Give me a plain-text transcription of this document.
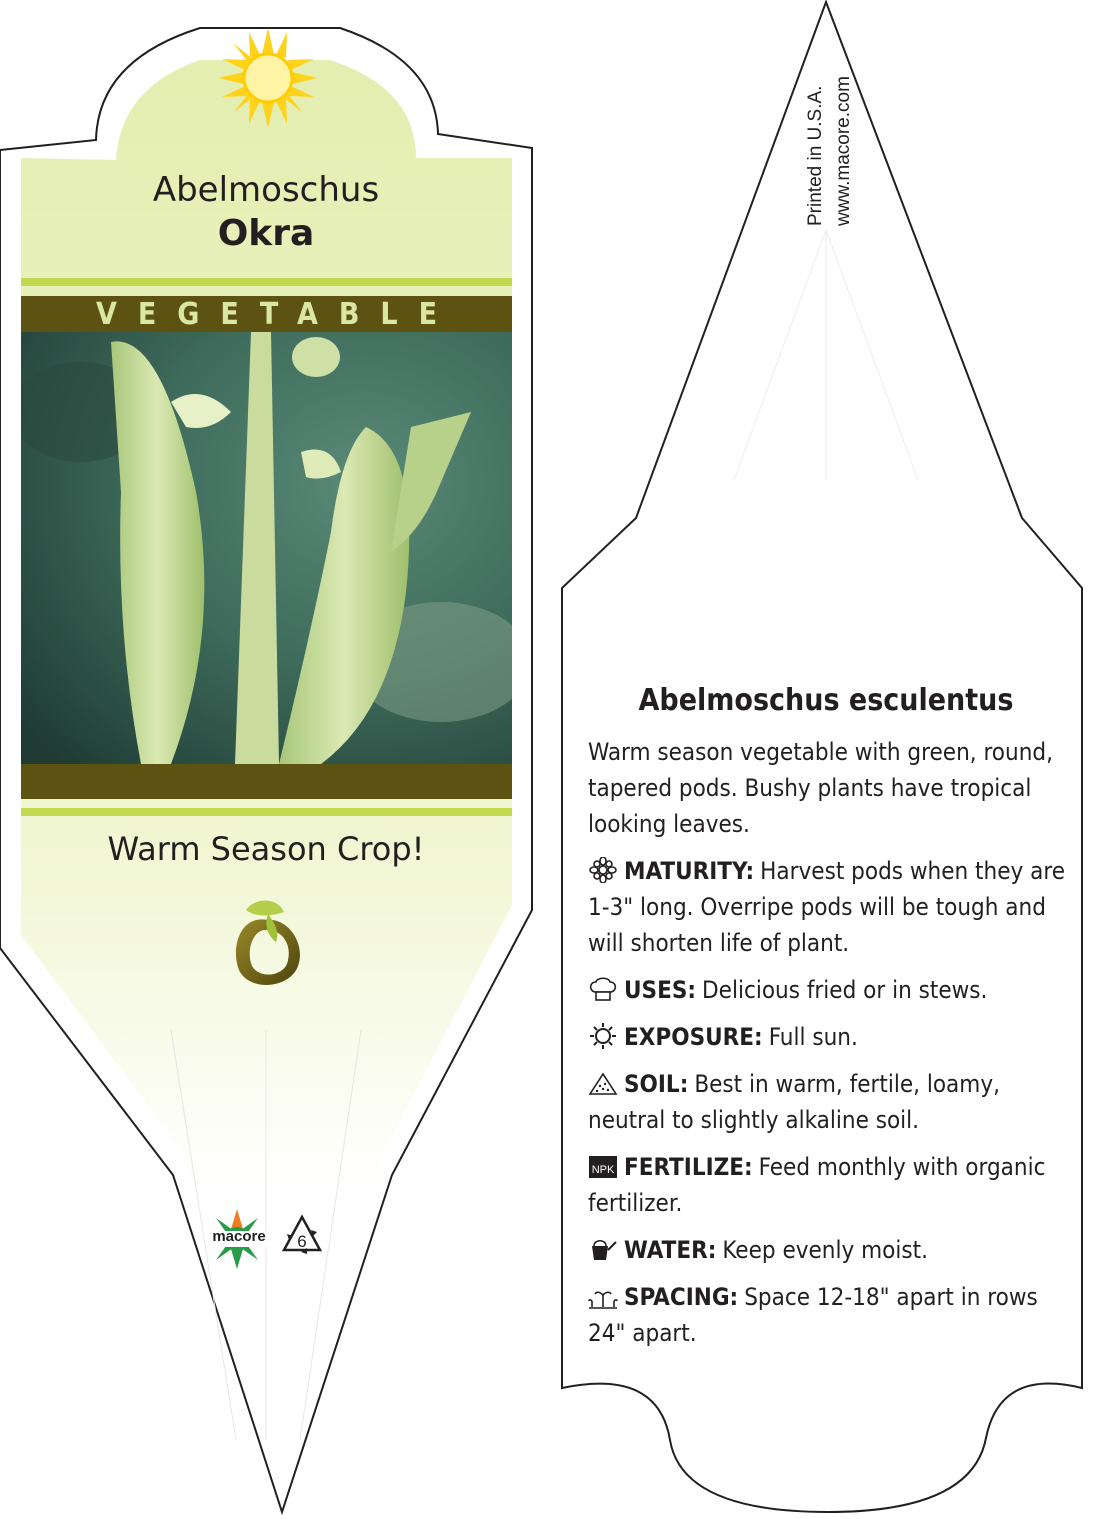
Abelmoschus
Okra
VEGETABLE
Warm Season Crop!
macore	6
Printed in U.S.A. www.macore.com
Abelmoschus esculentus

Warm season vegetable with green, round, tapered pods. Bushy plants have tropical looking leaves.

MATURITY: Harvest pods when they are 1-3" long. Overripe pods will be tough and will shorten life of plant.

USES: Delicious fried or in stews.

EXPOSURE: Full sun.

SOIL: Best in warm, fertile, loamy, neutral to slightly alkaline soil.

NPK FERTILIZE: Feed monthly with organic fertilizer.

WATER: Keep evenly moist.

SPACING: Space 12-18" apart in rows 24" apart.
